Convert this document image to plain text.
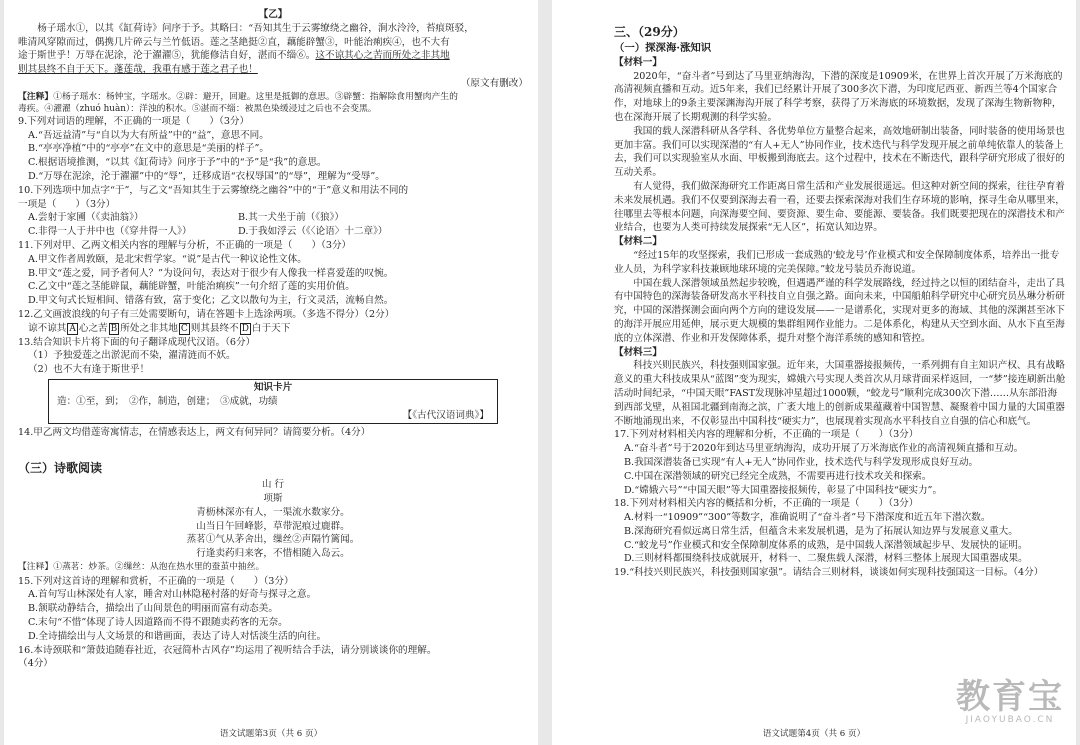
【乙】

杨子瑶水①，以其《缸荷诗》问序于予。其略曰：“吾知其生于云雾缭绕之幽谷，涧水泠泠，苔痕斑驳，

唯清风穿隙而过，偶携几片碎云与兰竹低语。莲之茎絶挺②直，藕能辟蟹③，叶能治痢疾④，也不大有

途于斯世乎！万辱在泥涂，沦于濯濯⑤，犹能修洁自好，湛而不缁⑥。这不谅其心之苦而所处之非其地

则其县终不自于天下。蓬莲哉，我重有感于莲之君子也！

（原文有删改）

【注释】①杨子瑶水：杨钟宝，字瑶水。②辟：避开，回避。这里是抵御的意思。③辟蟹：指解除食用蟹肉产生的

毒疾。④濯濯（zhuó huàn）：洋浊的积水。⑤湛而不缁：被黑色染缓浸过之后也不会变黑。

9.下列对词语的理解，不正确的一项是（　　）（3分）

A.“吾远益清”与“自以为大有所益”中的“益”，意思不同。

B.“亭亭净植”中的“亭亭”在文中的意思是“美丽的样子”。

C.根据语境推测，“以其《缸荷诗》问序于予”中的“予”是“我”的意思。

D.“万辱在泥涂，沦于濯濯”中的“辱”，迁移成语“衣权辱国”的“辱”，理解为“受辱”。

10.下列选项中加点字“于”，与乙文“吾知其生于云雾缭绕之幽谷”中的“于”意义和用法不同的

一项是（　　）（3分）

A.尝射于家圃（《卖油翁》）	B.其一犬坐于前（《狼》）

C.非得一人于井中也（《穿井得一人》）	D.于我如浮云（《〈论语〉十二章》）

11.下列对甲、乙两文相关内容的理解与分析，不正确的一项是（　　）（3分）

A.甲文作者周敦颐，是北宋哲学家。“说”是古代一种议论性文体。

B.甲文“莲之爱，同予者何人？”为设问句，表达对于很少有人像我一样喜爱莲的叹惋。

C.乙文中“莲之茎能辟鼠，藕能辟蟹，叶能治痢疾”一句介绍了莲的实用价值。

D.甲文句式长短相间、错落有致，富于变化；乙文以散句为主，行文灵活，流畅自然。

12.乙文画波浪线的句子有三处需要断句，请在答题卡上选涂两项。（多选不得分）（2分）

谅不谅其 A 心之苦 B 所处之非其地 C 则其县终不 D 白于天下

13.结合知识卡片将下面的句子翻译成现代汉语。（6分）

（1）予独爱莲之出淤泥而不染，濯清涟而不妖。

（2）也不大有逢于斯世乎！

知识卡片

造：①至，到；　②作，制造，创建；　③成就，功绩

【《古代汉语词典》】

14.甲乙两文均借莲寄寓情志，在情感表达上，两文有何异同？请简要分析。（4分）

（三）诗歌阅读

山 行

项斯

青枥林深亦有人，一渠流水数家分。

山当日午回峰影，草带泥痕过鹿群。

蒸茗①气从茅舍出，缫丝②声隔竹篱闻。

行逢卖药归来客，不惜相随入岛云。

【注释】①蒸茗：炒茶。②缫丝：从泡在热水里的蚕茧中抽丝。

15.下列对这首诗的理解和赏析，不正确的一项是（　　）（3分）

A.首句写山林深处有人家，睡舍对山林隐秘村落的好奇与探寻之意。

B.颔联动静结合，描绘出了山间景色的明丽而富有动态美。

C.末句“不惜”体现了诗人因道路而不得不跟随卖药客的无奈。

D.全诗描绘出与人文场景的和谐画面，表达了诗人对恬淡生活的向往。

16.本诗颈联和“箫鼓追随春社近，衣冠简朴古风存”均运用了视听结合手法，请分别谈谈你的理解。

（4分）

语文试题第3页（共 6 页）

三、（29分）

（一）探深海·涨知识

【材料一】

2020年，“奋斗者”号到达了马里亚纳海沟，下潜的深度是10909米，在世界上首次开展了万米海底的高清视频直播和互动。近5年来，我们已经累计开展了300多次下潜，为印度尼西亚、新西兰等4个国家合作，对地球上的9条主要深渊海沟开展了科学考察，获得了万米海底的环境数据，发现了深海生物新物种，也在深海开展了长期观测的科学实验。

我国的载人深潜科研从各学科、各优势单位方量整合起来，高效地研制出装备，同时装备的使用场景也更加丰富。我们可以实现深潜的“有人+无人”协同作业，技术迭代与科学发现开展之前单纯依靠人的装备上去，我们可以实现验室从水面、甲板搬到海底去。这个过程中，技术在不断迭代，跟科学研究形成了很好的互动关系。

有人觉得，我们做深海研究工作距离日常生活和产业发展很遥远。但这种对新空间的探索，往往孕育着未来发展机遇。我们不仅要到深海去看一看，还要去探索深海对我们生存环境的影响，探寻生命从哪里来，往哪里去等根本问题，向深海要空间、要资源、要生命、要能源、要装备。我们既要把现在的深潜技术和产业结合，也要为人类可持续发展探索“无人区”，拓宽认知边界。

【材料二】

“经过15年的攻坚探索，我们已形成一套成熟的‘蛟龙号’作业模式和安全保障制度体系，培养出一批专业人员，为科学家科技兼顾地球环境的完美保障。”蛟龙号装员乔海说道。

中国在载人深潜领域虽然起步较晚，但遇遇严谨的科学发展路线，经过持之以恒的团结奋斗，走出了具有中国特色的深海装备研发高水平科技自立自强之路。面向未来，中国船舶科学研究中心研究员丛琳分析研究，中国的深潜探测会面向两个方向的建设发展——一是谱系化，实现对更多的海域、其他的深渊甚至冰下的海洋开展应用延伸，展示更大规模的集群组网作业能力。二是体系化，构建从天空到水面、从水下直至海底的立体深潜、作业和开发保障体系，提升对整个海洋系统的感知和管控。

【材料三】

科技兴则民族兴，科技强则国家强。近年来，大国重器接报频传，一系列拥有自主知识产权、具有战略意义的重大科技成果从“蓝图”变为现实，嫦娥六号实现人类首次从月球背面采样返回，一“梦”接连刷新出舱活动时间纪录，“中国天眼”FAST发现脉冲星超过1000颗，“蛟龙号”顺利完成300次下潜……从东部沿海到西部戈壁，从祖国北疆到南海之滨，广袤大地上的创新成果蕴藏着中国智慧、凝聚着中国力量的大国重器不断地涌现出来，不仅彰显出中国科技“硬实力”，也展现着实现高水平科技自立自强的信心和底气。

17.下列对材料相关内容的理解和分析，不正确的一项是（　　）（3分）

A.“奋斗者”号于2020年到达马里亚纳海沟，成功开展了万米海底作业的高清视频直播和互动。

B.我国深潜装备已实现“有人+无人”协同作业，技术迭代与科学发现形成良好互动。

C.中国在深潜领域的研究已经完全成熟，不需要再进行技术攻关和探索。

D.“嫦娥六号”“中国天眼”等大国重器接报频传，彰显了中国科技“硬实力”。

18.下列对材料相关内容的概括和分析，不正确的一项是（　　）（3分）

A.材料一“10909”“300”等数字，准确说明了“奋斗者”号下潜深度和近五年下潜次数。

B.深海研究看似远离日常生活，但蕴含未来发展机遇，是为了拓展认知边界与发展意义重大。

C.“蛟龙号”作业模式和安全保障制度体系的成熟，是中国载人深潜领域起步早、发展快的证明。

D.三则材料都围绕科技成就展开，材料一、二聚焦载人深潜，材料三整体上展现大国重器成果。

19.“科技兴则民族兴，科技强则国家强”。请结合三则材料，谈谈如何实现科技强国这一目标。（4分）

教育宝
JIAOYUBAO.CN
语文试题第4页（共 6 页）
